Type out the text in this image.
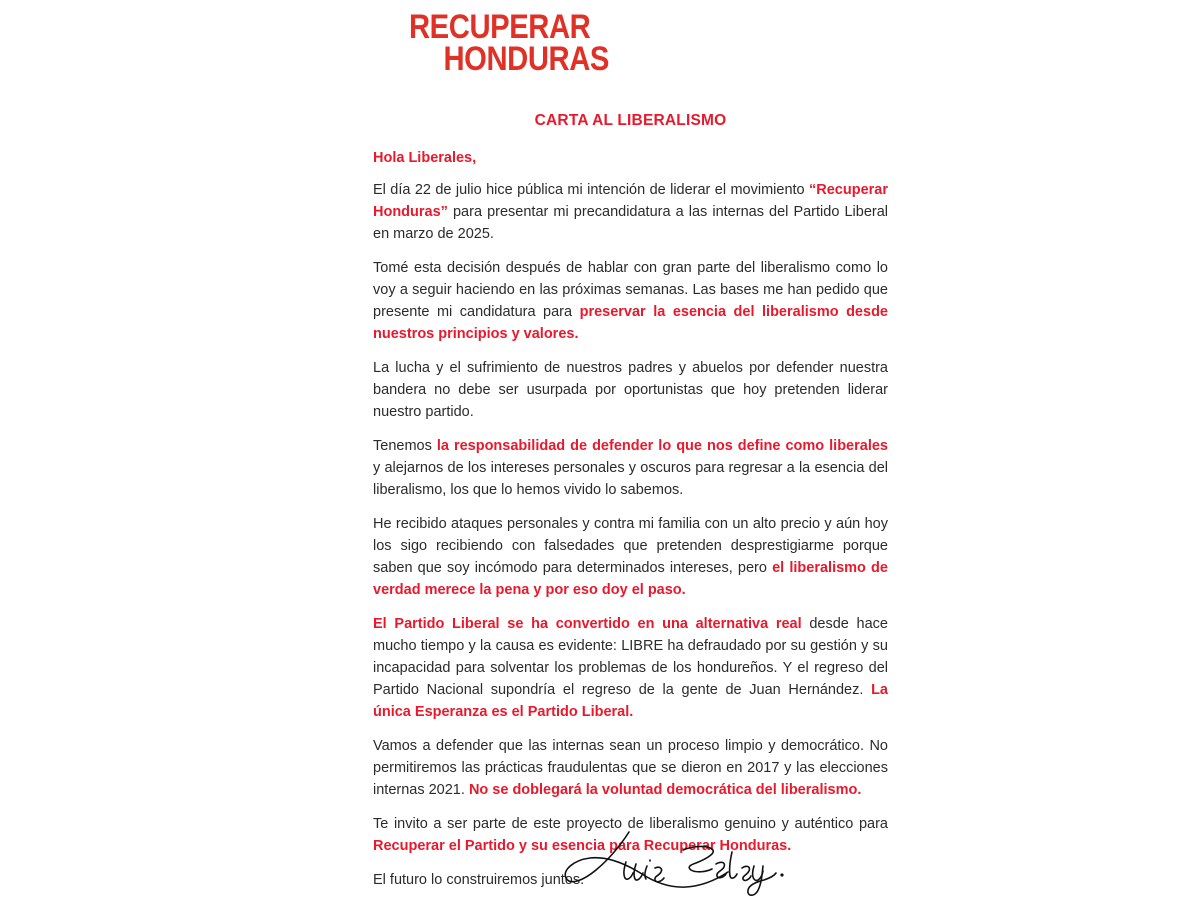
RECUPERAR
HONDURAS
CARTA AL LIBERALISMO
Hola Liberales,

El día 22 de julio hice pública mi intención de liderar el movimiento “Recuperar Honduras” para presentar mi precandidatura a las internas del Partido Liberal en marzo de 2025.

Tomé esta decisión después de hablar con gran parte del liberalismo como lo voy a seguir haciendo en las próximas semanas. Las bases me han pedido que presente mi candidatura para preservar la esencia del liberalismo desde nuestros principios y valores.

La lucha y el sufrimiento de nuestros padres y abuelos por defender nuestra bandera no debe ser usurpada por oportunistas que hoy pretenden liderar nuestro partido.

Tenemos la responsabilidad de defender lo que nos define como liberales y alejarnos de los intereses personales y oscuros para regresar a la esencia del liberalismo, los que lo hemos vivido lo sabemos.

He recibido ataques personales y contra mi familia con un alto precio y aún hoy los sigo recibiendo con falsedades que pretenden desprestigiarme porque saben que soy incómodo para determinados intereses, pero el liberalismo de verdad merece la pena y por eso doy el paso.

El Partido Liberal se ha convertido en una alternativa real desde hace mucho tiempo y la causa es evidente: LIBRE ha defraudado por su gestión y su incapacidad para solventar los problemas de los hondureños. Y el regreso del Partido Nacional supondría el regreso de la gente de Juan Hernández. La única Esperanza es el Partido Liberal.

Vamos a defender que las internas sean un proceso limpio y democrático. No permitiremos las prácticas fraudulentas que se dieron en 2017 y las elecciones internas 2021. No se doblegará la voluntad democrática del liberalismo.

Te invito a ser parte de este proyecto de liberalismo genuino y auténtico para Recuperar el Partido y su esencia para Recuperar Honduras.

El futuro lo construiremos juntos.
